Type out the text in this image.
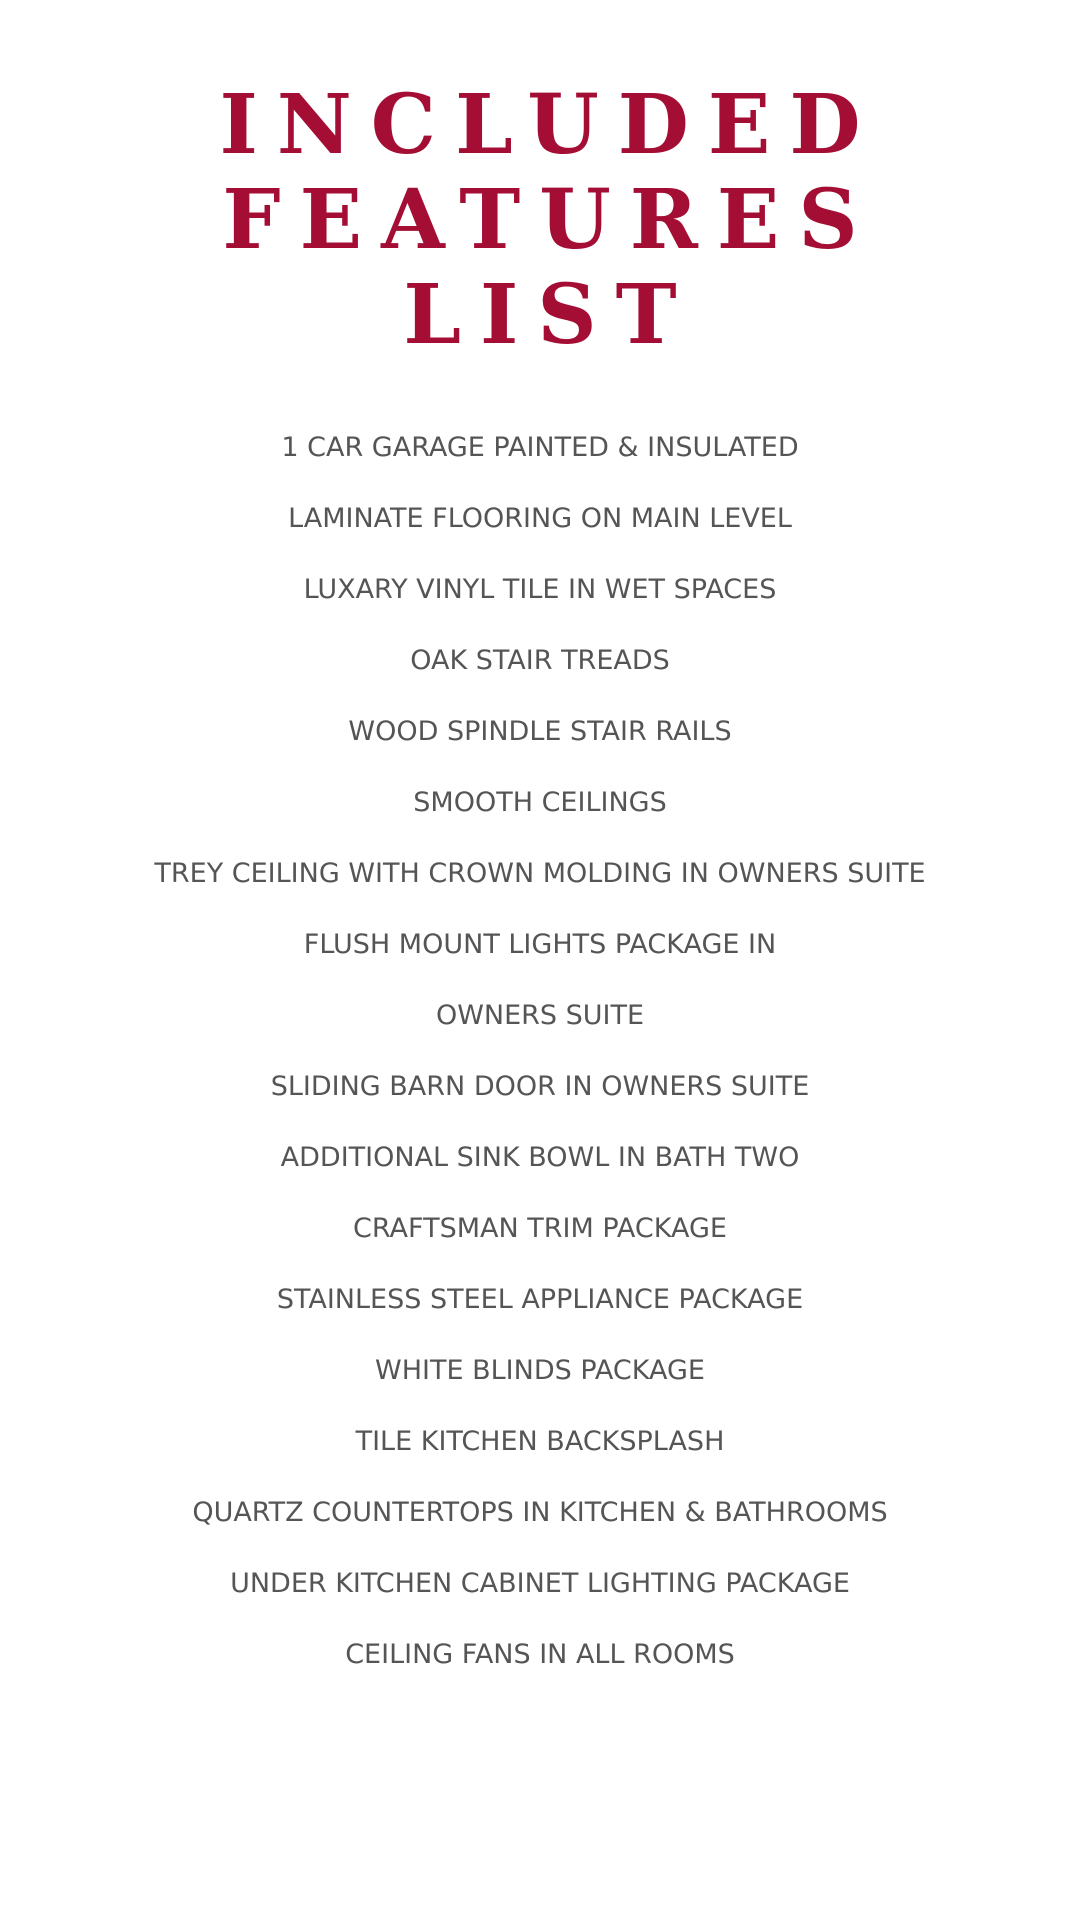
INCLUDED
FEATURES
LIST
1 CAR GARAGE PAINTED & INSULATED
LAMINATE FLOORING ON MAIN LEVEL
LUXARY VINYL TILE IN WET SPACES
OAK STAIR TREADS
WOOD SPINDLE STAIR RAILS
SMOOTH CEILINGS
TREY CEILING WITH CROWN MOLDING IN OWNERS SUITE
FLUSH MOUNT LIGHTS PACKAGE IN
OWNERS SUITE
SLIDING BARN DOOR IN OWNERS SUITE
ADDITIONAL SINK BOWL IN BATH TWO
CRAFTSMAN TRIM PACKAGE
STAINLESS STEEL APPLIANCE PACKAGE
WHITE BLINDS PACKAGE
TILE KITCHEN BACKSPLASH
QUARTZ COUNTERTOPS IN KITCHEN & BATHROOMS
UNDER KITCHEN CABINET LIGHTING PACKAGE
CEILING FANS IN ALL ROOMS
